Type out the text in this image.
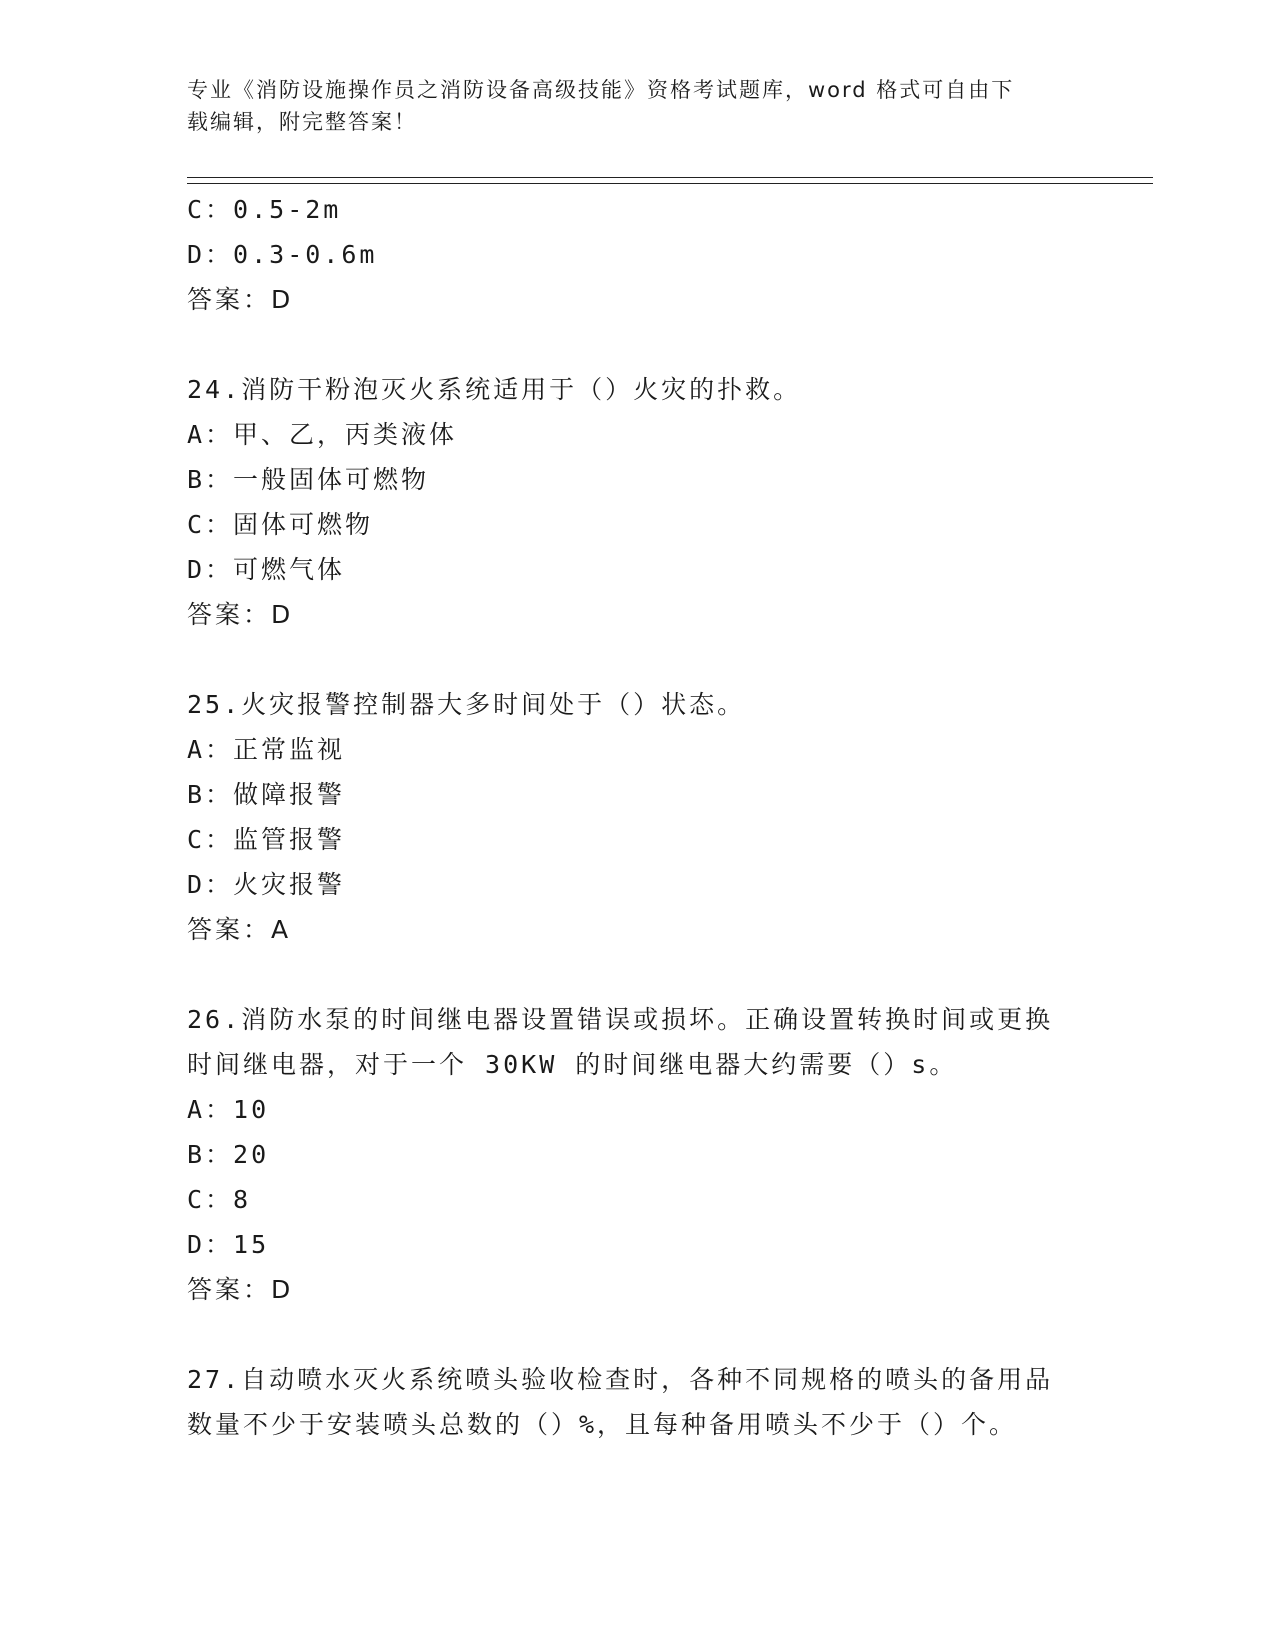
专业《消防设施操作员之消防设备高级技能》资格考试题库，word 格式可自由下
载编辑，附完整答案！
C：0.5-2m
D：0.3-0.6m
答案：D
24.消防干粉泡灭火系统适用于（）火灾的扑救。
A：甲、乙，丙类液体
B：一般固体可燃物
C：固体可燃物
D：可燃气体
答案：D
25.火灾报警控制器大多时间处于（）状态。
A：正常监视
B：做障报警
C：监管报警
D：火灾报警
答案：A
26.消防水泵的时间继电器设置错误或损坏。正确设置转换时间或更换
时间继电器，对于一个 30KW 的时间继电器大约需要（）s。
A：10
B：20
C：8
D：15
答案：D
27.自动喷水灭火系统喷头验收检查时，各种不同规格的喷头的备用品
数量不少于安装喷头总数的（）%，且每种备用喷头不少于（）个。
